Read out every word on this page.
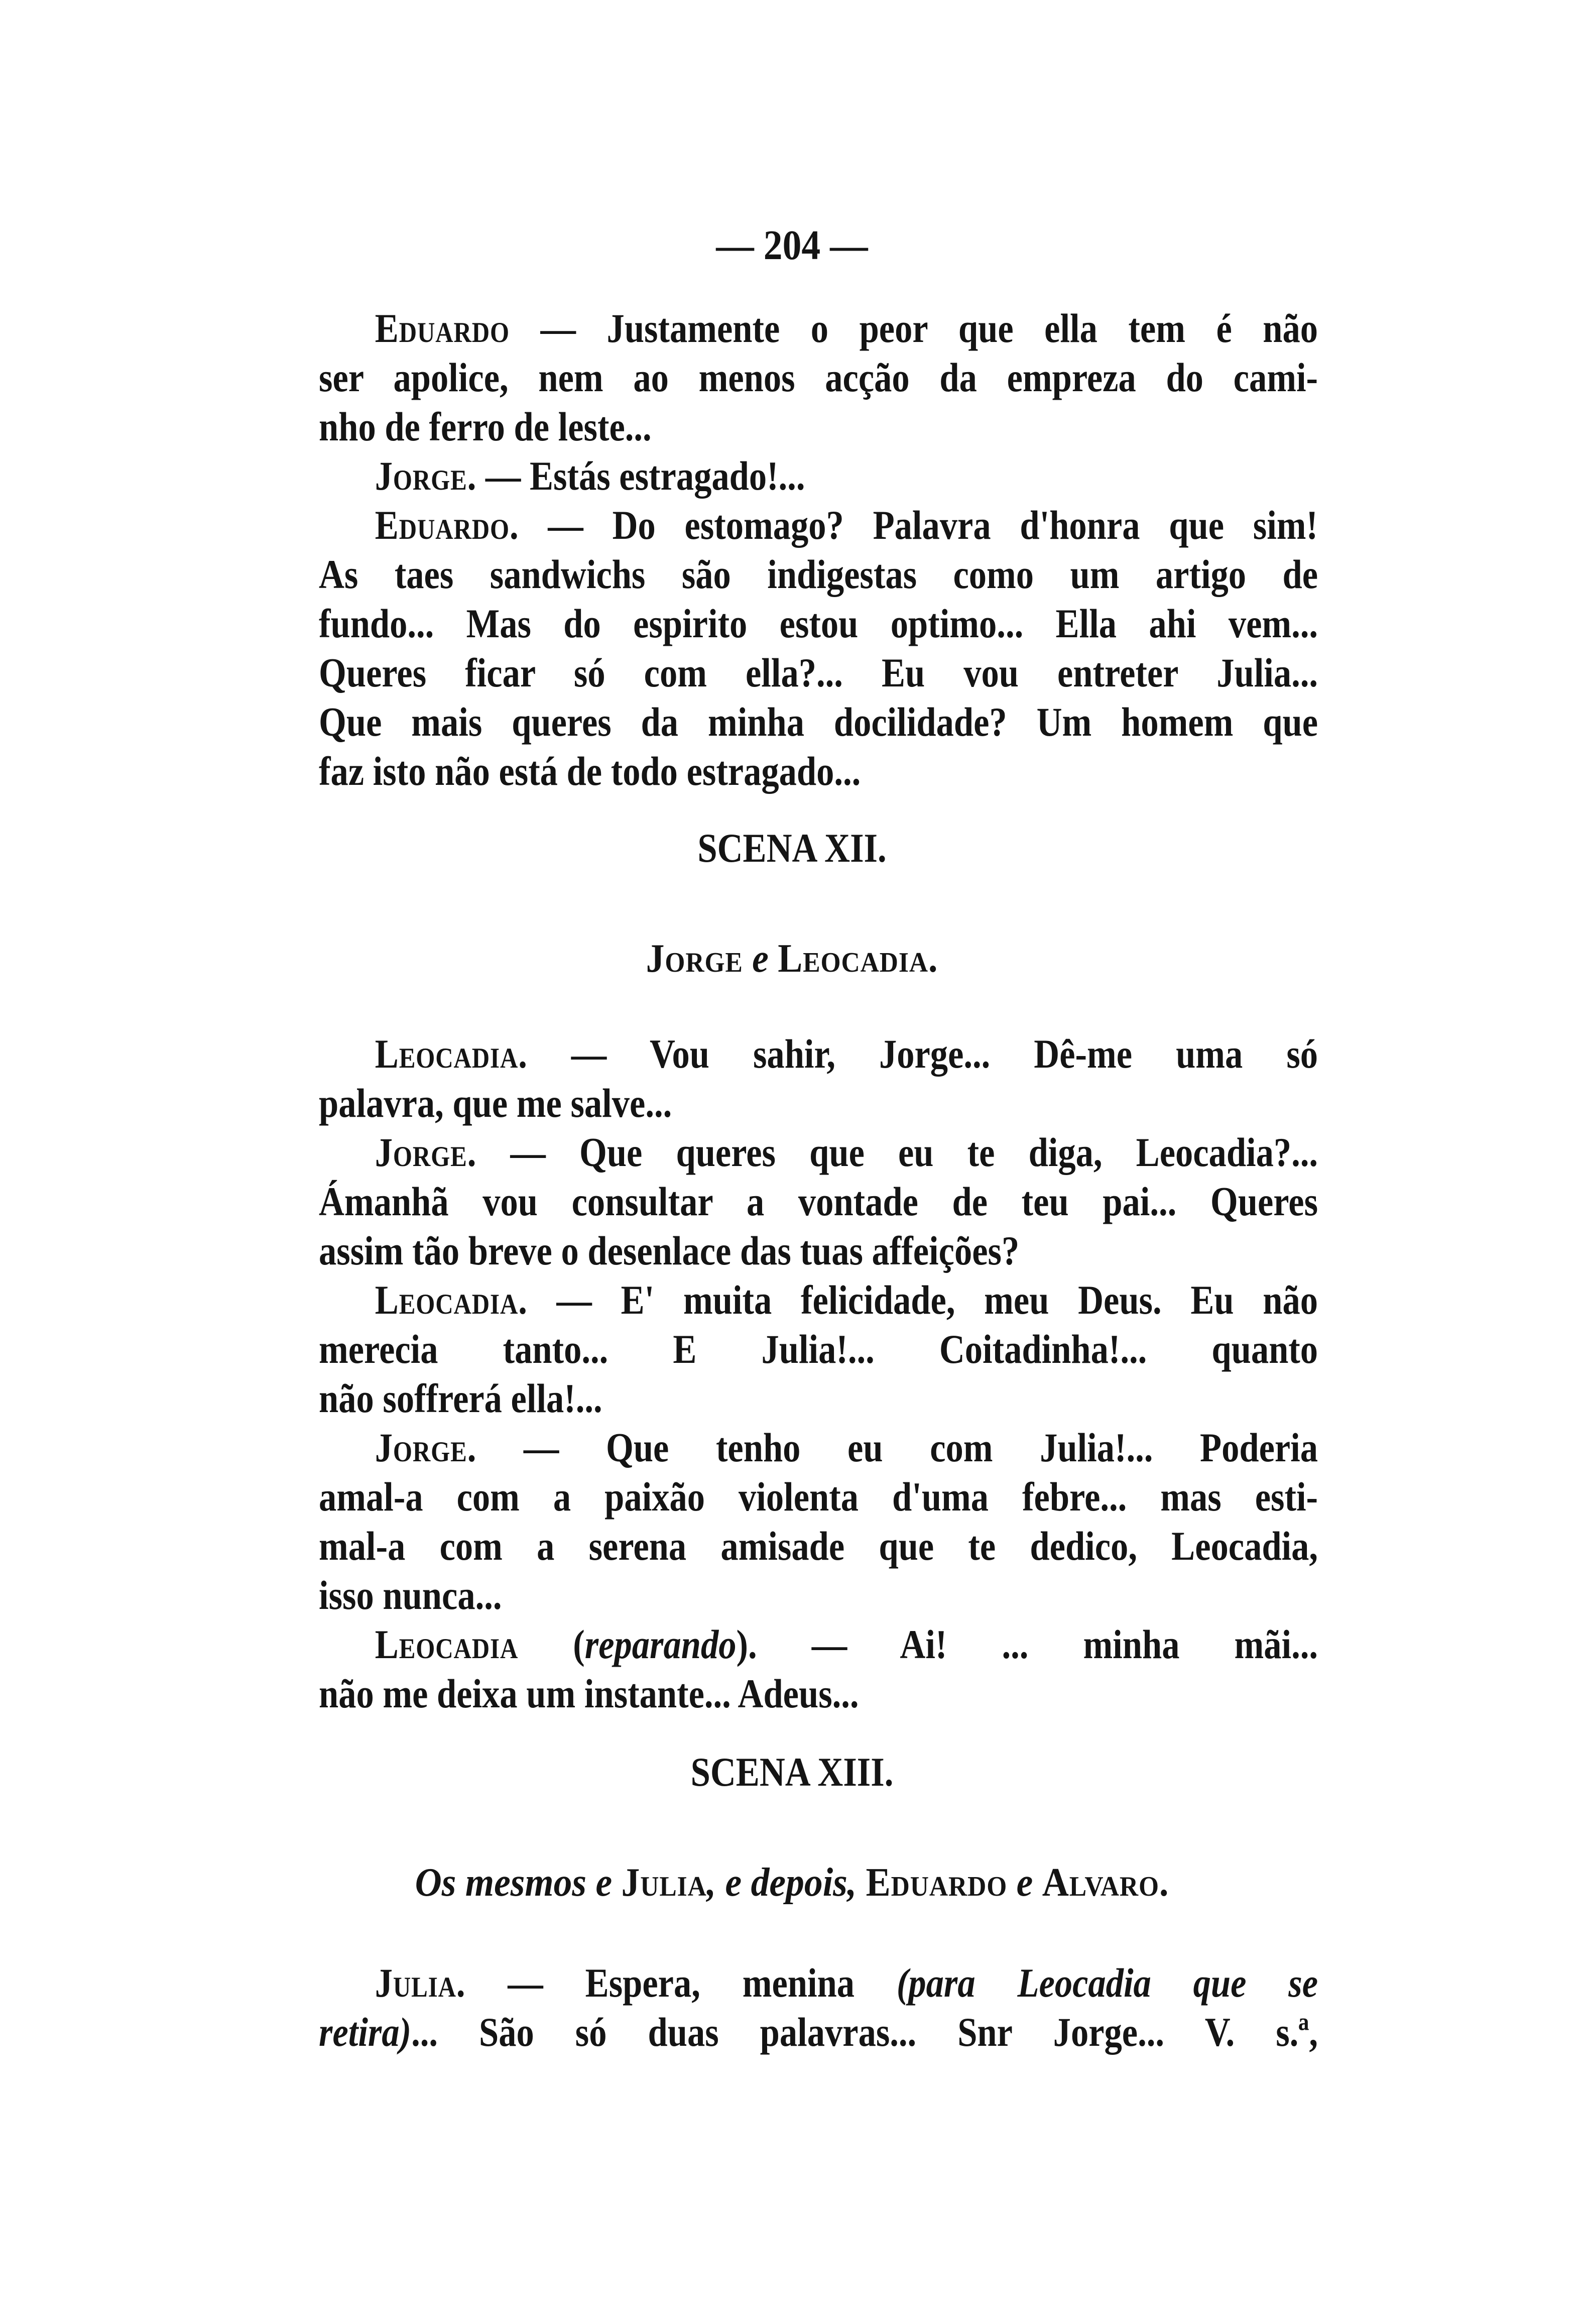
— 204 —
Eduardo — Justamente o peor que ella tem é não
ser apolice, nem ao menos acção da empreza do cami-
nho de ferro de leste...
Jorge. — Estás estragado!...
Eduardo. — Do estomago? Palavra d'honra que sim!
As taes sandwichs são indigestas como um artigo de
fundo... Mas do espirito estou optimo... Ella ahi vem...
Queres ficar só com ella?... Eu vou entreter Julia...
Que mais queres da minha docilidade? Um homem que
faz isto não está de todo estragado...
SCENA XII.
Jorge e Leocadia.
Leocadia. — Vou sahir, Jorge... Dê-me uma só
palavra, que me salve...
Jorge. — Que queres que eu te diga, Leocadia?...
Ámanhã vou consultar a vontade de teu pai... Queres
assim tão breve o desenlace das tuas affeições?
Leocadia. — E' muita felicidade, meu Deus. Eu não
merecia tanto... E Julia!... Coitadinha!... quanto
não soffrerá ella!...
Jorge. — Que tenho eu com Julia!... Poderia
amal-a com a paixão violenta d'uma febre... mas esti-
mal-a com a serena amisade que te dedico, Leocadia,
isso nunca...
Leocadia (reparando). — Ai! ... minha mãi...
não me deixa um instante... Adeus...
SCENA XIII.
Os mesmos e Julia, e depois, Eduardo e Alvaro.
Julia. — Espera, menina (para Leocadia que se
retira)... São só duas palavras... Snr Jorge... V. s.ª,
